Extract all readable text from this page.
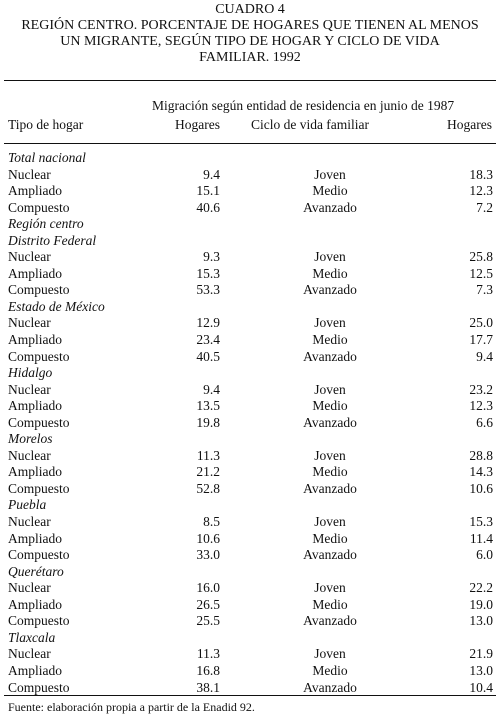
CUADRO 4
REGIÓN CENTRO. PORCENTAJE DE HOGARES QUE TIENEN AL MENOS
UN MIGRANTE, SEGÚN TIPO DE HOGAR Y CICLO DE VIDA
FAMILIAR. 1992
Migración según entidad de residencia en junio de 1987
Tipo de hogar	Hogares	Ciclo de vida familiar	Hogares
Total nacional
Nuclear	9.4	Joven	18.3
Ampliado	15.1	Medio	12.3
Compuesto	40.6	Avanzado	7.2
Región centro
Distrito Federal
Nuclear	9.3	Joven	25.8
Ampliado	15.3	Medio	12.5
Compuesto	53.3	Avanzado	7.3
Estado de México
Nuclear	12.9	Joven	25.0
Ampliado	23.4	Medio	17.7
Compuesto	40.5	Avanzado	9.4
Hidalgo
Nuclear	9.4	Joven	23.2
Ampliado	13.5	Medio	12.3
Compuesto	19.8	Avanzado	6.6
Morelos
Nuclear	11.3	Joven	28.8
Ampliado	21.2	Medio	14.3
Compuesto	52.8	Avanzado	10.6
Puebla
Nuclear	8.5	Joven	15.3
Ampliado	10.6	Medio	11.4
Compuesto	33.0	Avanzado	6.0
Querétaro
Nuclear	16.0	Joven	22.2
Ampliado	26.5	Medio	19.0
Compuesto	25.5	Avanzado	13.0
Tlaxcala
Nuclear	11.3	Joven	21.9
Ampliado	16.8	Medio	13.0
Compuesto	38.1	Avanzado	10.4
Fuente: elaboración propia a partir de la Enadid 92.
